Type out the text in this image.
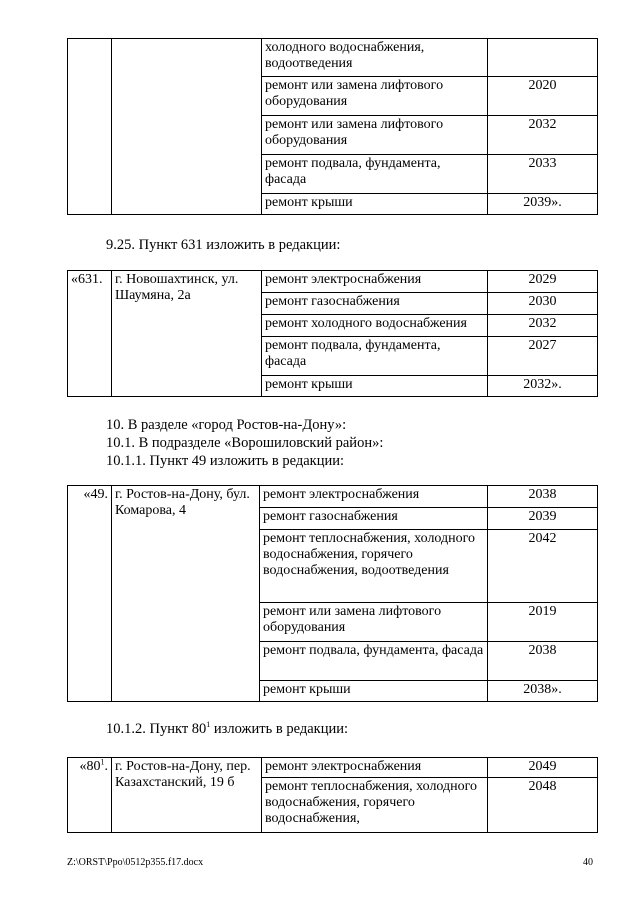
		холодного водоснабжения, водоотведения	
		ремонт или замена лифтового оборудования	2020
		ремонт или замена лифтового оборудования	2032
		ремонт подвала, фундамента, фасада	2033
		ремонт крыши	2039».
9.25. Пункт 631 изложить в редакции:
«631.	г. Новошахтинск, ул. Шаумяна, 2а	ремонт электроснабжения	2029
		ремонт газоснабжения	2030
		ремонт холодного водоснабжения	2032
		ремонт подвала, фундамента, фасада	2027
		ремонт крыши	2032».
10. В разделе «город Ростов-на-Дону»:
10.1. В подразделе «Ворошиловский район»:
10.1.1. Пункт 49 изложить в редакции:
«49.	г. Ростов-на-Дону, бул. Комарова, 4	ремонт электроснабжения	2038
		ремонт газоснабжения	2039
		ремонт теплоснабжения, холодного водоснабжения, горячего водоснабжения, водоотведения	2042
		ремонт или замена лифтового оборудования	2019
		ремонт подвала, фундамента, фасада	2038
		ремонт крыши	2038».
10.1.2. Пункт $80^1$ изложить в редакции:
«$80^1$.	г. Ростов-на-Дону, пер. Казахстанский, 19 б	ремонт электроснабжения	2049
		ремонт теплоснабжения, холодного водоснабжения, горячего водоснабжения,	2048
Z:\ORST\Ppo\0512p355.f17.docx	40
